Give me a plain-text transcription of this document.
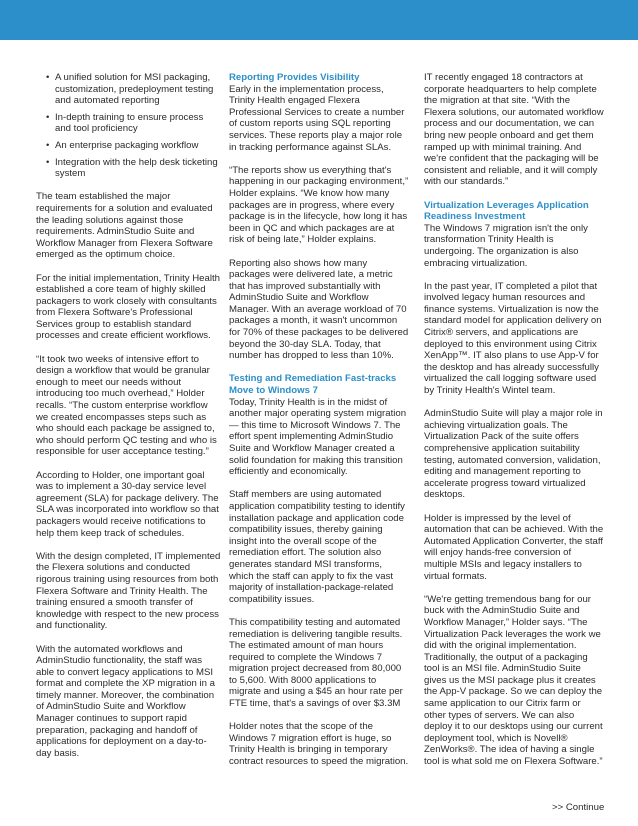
• A unified solution for MSI packaging, customization, predeployment testing and automated reporting
• In-depth training to ensure process and tool proficiency
• An enterprise packaging workflow
• Integration with the help desk ticketing system

The team established the major requirements for a solution and evaluated the leading solutions against those requirements. AdminStudio Suite and Workflow Manager from Flexera Software emerged as the optimum choice.

For the initial implementation, Trinity Health established a core team of highly skilled packagers to work closely with consultants from Flexera Software's Professional Services group to establish standard processes and create efficient workflows.

“It took two weeks of intensive effort to design a workflow that would be granular enough to meet our needs without introducing too much overhead,” Holder recalls. “The custom enterprise workflow we created encompasses steps such as who should each package be assigned to, who should perform QC testing and who is responsible for user acceptance testing.”

According to Holder, one important goal was to implement a 30-day service level agreement (SLA) for package delivery. The SLA was incorporated into workflow so that packagers would receive notifications to help them keep track of schedules.

With the design completed, IT implemented the Flexera solutions and conducted rigorous training using resources from both Flexera Software and Trinity Health. The training ensured a smooth transfer of knowledge with respect to the new process and functionality.

With the automated workflows and AdminStudio functionality, the staff was able to convert legacy applications to MSI format and complete the XP migration in a timely manner. Moreover, the combination of AdminStudio Suite and Workflow Manager continues to support rapid preparation, packaging and handoff of applications for deployment on a day-to-day basis.

Reporting Provides Visibility

Early in the implementation process, Trinity Health engaged Flexera Professional Services to create a number of custom reports using SQL reporting services. These reports play a major role in tracking performance against SLAs.

“The reports show us everything that's happening in our packaging environment,” Holder explains. “We know how many packages are in progress, where every package is in the lifecycle, how long it has been in QC and which packages are at risk of being late,” Holder explains.

Reporting also shows how many packages were delivered late, a metric that has improved substantially with AdminStudio Suite and Workflow Manager. With an average workload of 70 packages a month, it wasn't uncommon for 70% of these packages to be delivered beyond the 30-day SLA. Today, that number has dropped to less than 10%.

Testing and Remediation Fast-tracks Move to Windows 7

Today, Trinity Health is in the midst of another major operating system migration — this time to Microsoft Windows 7. The effort spent implementing AdminStudio Suite and Workflow Manager created a solid foundation for making this transition efficiently and economically.

Staff members are using automated application compatibility testing to identify installation package and application code compatibility issues, thereby gaining insight into the overall scope of the remediation effort. The solution also generates standard MSI transforms, which the staff can apply to fix the vast majority of installation-package-related compatibility issues.

This compatibility testing and automated remediation is delivering tangible results. The estimated amount of man hours required to complete the Windows 7 migration project decreased from 80,000 to 5,600. With 8000 applications to migrate and using a $45 an hour rate per FTE time, that's a savings of over $3.3M

Holder notes that the scope of the Windows 7 migration effort is huge, so Trinity Health is bringing in temporary contract resources to speed the migration.

IT recently engaged 18 contractors at corporate headquarters to help complete the migration at that site. “With the Flexera solutions, our automated workflow process and our documentation, we can bring new people onboard and get them ramped up with minimal training. And we're confident that the packaging will be consistent and reliable, and it will comply with our standards.”

Virtualization Leverages Application Readiness Investment

The Windows 7 migration isn't the only transformation Trinity Health is undergoing. The organization is also embracing virtualization.

In the past year, IT completed a pilot that involved legacy human resources and finance systems. Virtualization is now the standard model for application delivery on Citrix® servers, and applications are deployed to this environment using Citrix XenApp™. IT also plans to use App-V for the desktop and has already successfully virtualized the call logging software used by Trinity Health's Wintel team.

AdminStudio Suite will play a major role in achieving virtualization goals. The Virtualization Pack of the suite offers comprehensive application suitability testing, automated conversion, validation, editing and management reporting to accelerate progress toward virtualized desktops.

Holder is impressed by the level of automation that can be achieved. With the Automated Application Converter, the staff will enjoy hands-free conversion of multiple MSIs and legacy installers to virtual formats.

“We're getting tremendous bang for our buck with the AdminStudio Suite and Workflow Manager,” Holder says. “The Virtualization Pack leverages the work we did with the original implementation. Traditionally, the output of a packaging tool is an MSI file. AdminStudio Suite gives us the MSI package plus it creates the App-V package. So we can deploy the same application to our Citrix farm or other types of servers. We can also deploy it to our desktops using our current deployment tool, which is Novell® ZenWorks®. The idea of having a single tool is what sold me on Flexera Software.”

>> Continue
